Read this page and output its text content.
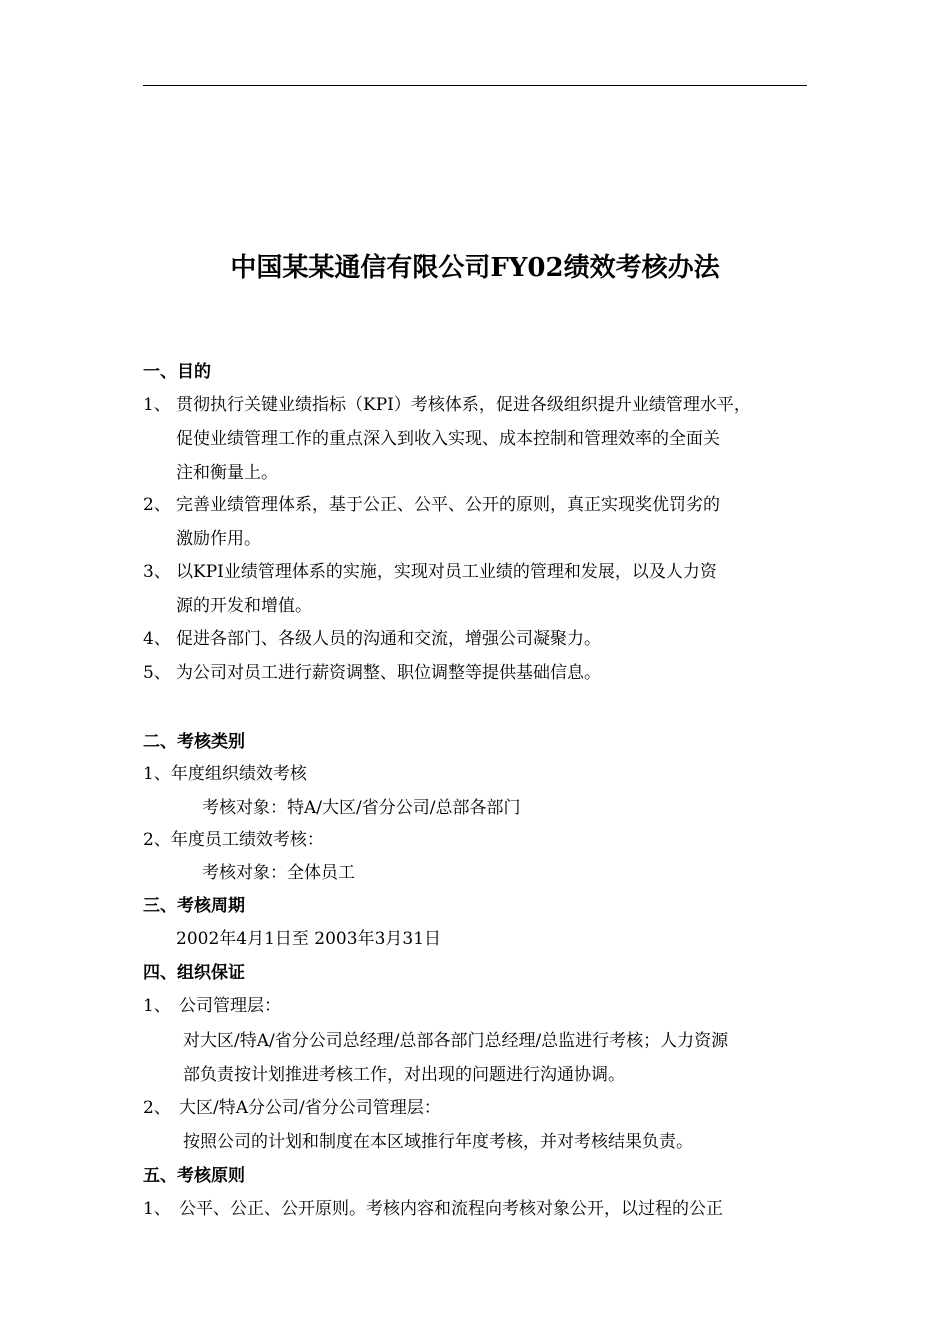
中国某某通信有限公司FY02绩效考核办法
一、目的
1、 贯彻执行关键业绩指标（KPI）考核体系，促进各级组织提升业绩管理水平，
促使业绩管理工作的重点深入到收入实现、成本控制和管理效率的全面关
注和衡量上。
2、 完善业绩管理体系，基于公正、公平、公开的原则，真正实现奖优罚劣的
激励作用。
3、 以KPI业绩管理体系的实施，实现对员工业绩的管理和发展，以及人力资
源的开发和增值。
4、 促进各部门、各级人员的沟通和交流，增强公司凝聚力。
5、 为公司对员工进行薪资调整、职位调整等提供基础信息。
二、考核类别
1、年度组织绩效考核
考核对象：特A/大区/省分公司/总部各部门
2、年度员工绩效考核：
考核对象：全体员工
三、考核周期
2002年4月1日至 2003年3月31日
四、组织保证
1、 公司管理层：
对大区/特A/省分公司总经理/总部各部门总经理/总监进行考核；人力资源
部负责按计划推进考核工作，对出现的问题进行沟通协调。
2、 大区/特A分公司/省分公司管理层：
按照公司的计划和制度在本区域推行年度考核，并对考核结果负责。
五、考核原则
1、 公平、公正、公开原则。考核内容和流程向考核对象公开，以过程的公正
